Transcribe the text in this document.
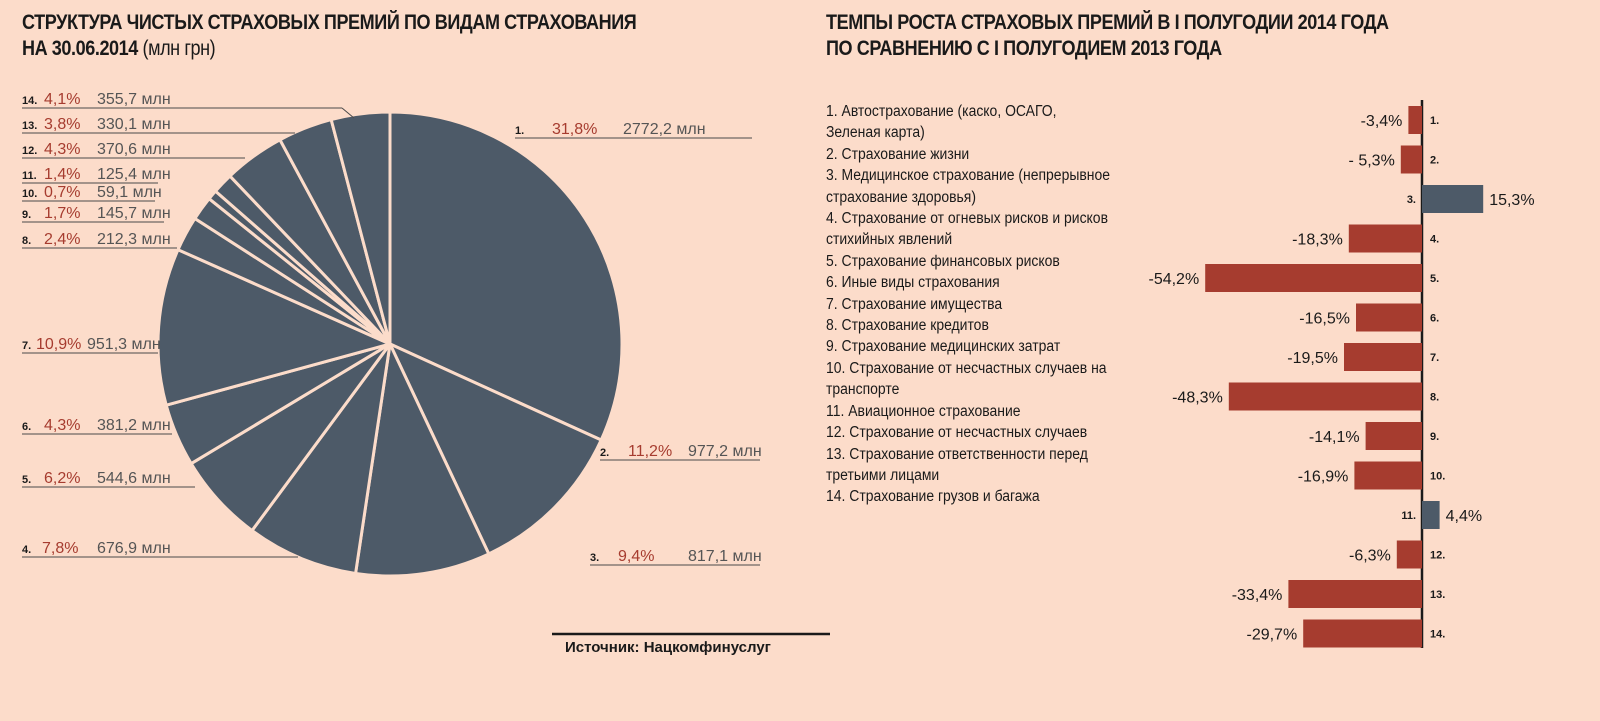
СТРУКТУРА ЧИСТЫХ СТРАХОВЫХ ПРЕМИЙ ПО ВИДАМ СТРАХОВАНИЯ
НА 30.06.2014 (млн грн)
ТЕМПЫ РОСТА СТРАХОВЫХ ПРЕМИЙ В I ПОЛУГОДИИ 2014 ГОДА
ПО СРАВНЕНИЮ С I ПОЛУГОДИЕМ 2013 ГОДА
1. Автострахование (каско, ОСАГО, Зеленая карта)
2. Страхование жизни
3. Медицинское страхование (непрерывное страхование здоровья)
4. Страхование от огневых рисков и рисков стихийных явлений
5. Страхование финансовых рисков
6. Иные виды страхования
7. Страхование имущества
8. Страхование кредитов
9. Страхование медицинских затрат
10. Страхование от несчастных случаев на транспорте
11. Авиационное страхование
12. Страхование от несчастных случаев
13. Страхование ответственности перед третьими лицами
14. Страхование грузов и багажа
1. 31,8% 2772,2 млн
2. 11,2% 977,2 млн
3. 9,4% 817,1 млн
4. 7,8% 676,9 млн
5. 6,2% 544,6 млн
6. 4,3% 381,2 млн
7. 10,9% 951,3 млн
8. 2,4% 212,3 млн
9. 1,7% 145,7 млн
10. 0,7% 59,1 млн
11. 1,4% 125,4 млн
12. 4,3% 370,6 млн
13. 3,8% 330,1 млн
14. 4,1% 355,7 млн
1.
-3,4%
2.
- 5,3%
3.	15,3%
4.
-18,3%
5.
-54,2%
6.
-16,5%
7.
-19,5%
8.
-48,3%
9.
-14,1%
10.
-16,9%
11. 4,4%
12.
-6,3%
13.
-33,4%
14.
-29,7%
Источник: Нацкомфинуслуг
